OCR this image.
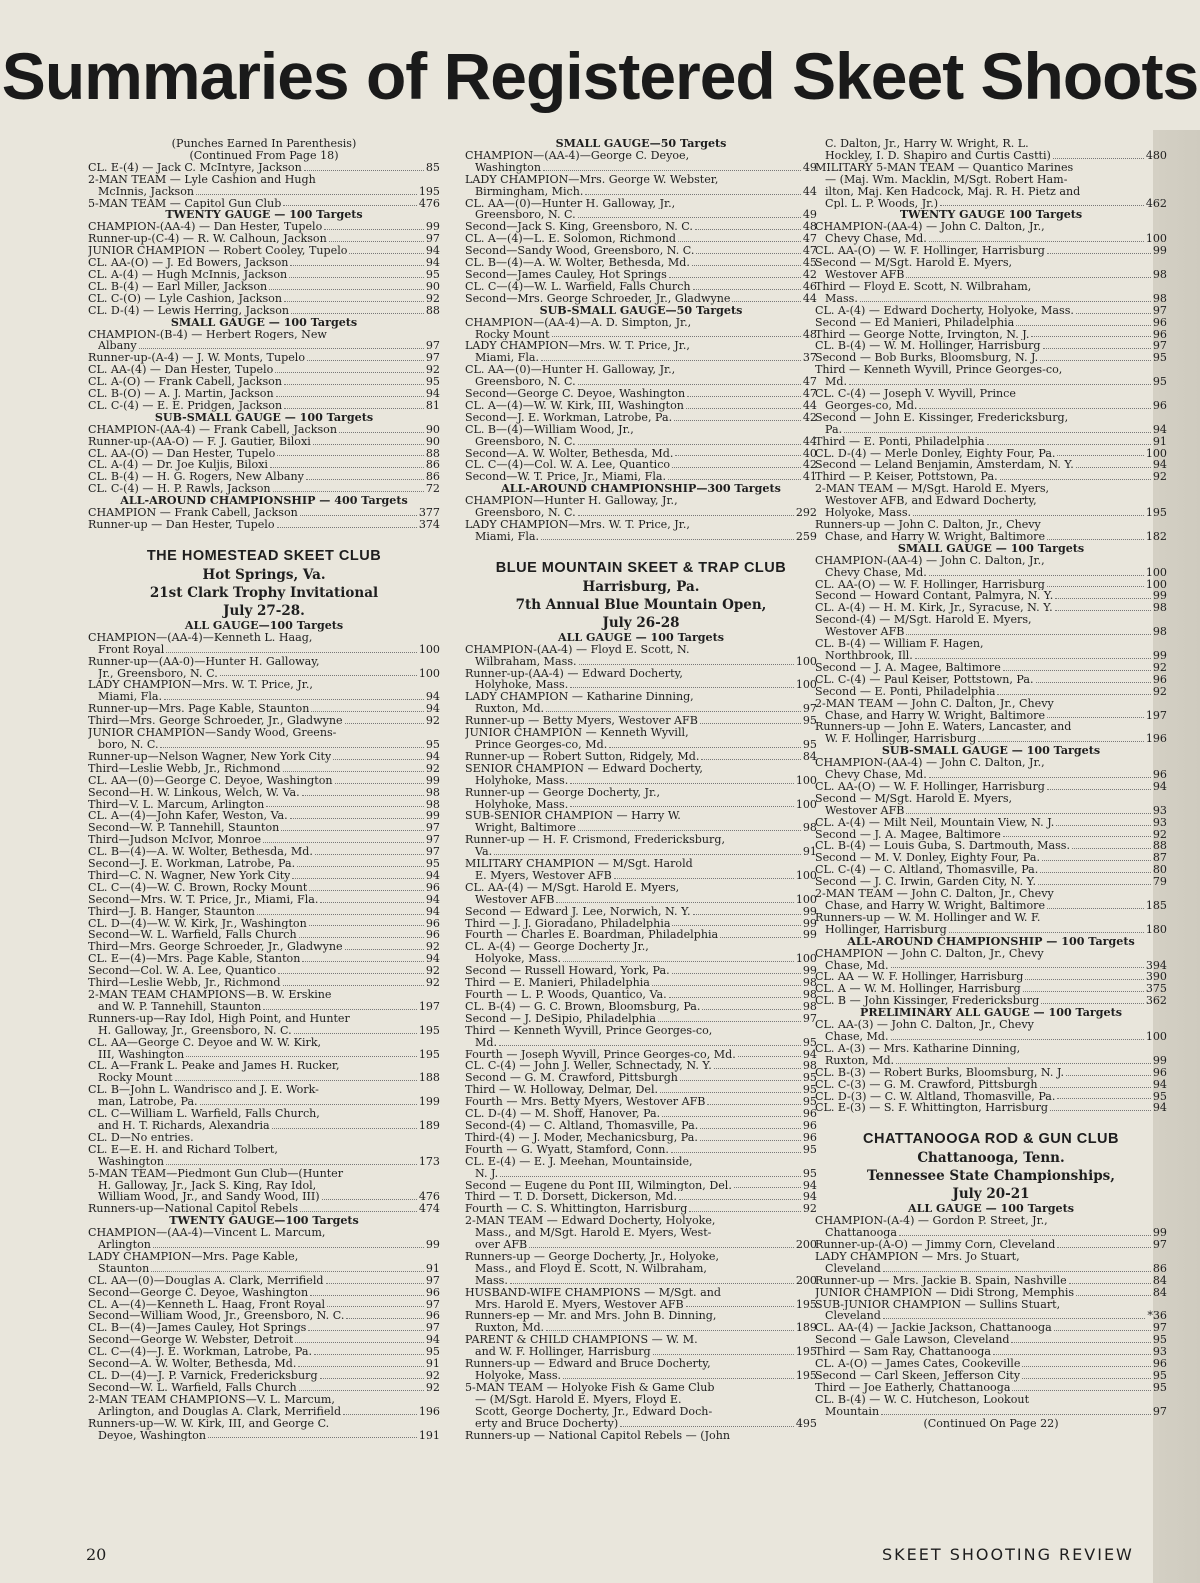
Summaries of Registered Skeet Shoots
(Punches Earned In Parenthesis)
(Continued From Page 18)
CL. E-(4) — Jack C. McIntyre, Jackson	85
2-MAN TEAM — Lyle Cashion and Hugh
McInnis, Jackson	195
5-MAN TEAM — Capitol Gun Club	476
TWENTY GAUGE — 100 Targets
CHAMPION-(AA-4) — Dan Hester, Tupelo	99
Runner-up-(C-4) — R. W. Calhoun, Jackson	97
JUNIOR CHAMPION — Robert Cooley, Tupelo	94
CL. AA-(O) — J. Ed Bowers, Jackson	94
CL. A-(4) — Hugh McInnis, Jackson	95
CL. B-(4) — Earl Miller, Jackson	90
CL. C-(O) — Lyle Cashion, Jackson	92
CL. D-(4) — Lewis Herring, Jackson	88
SMALL GAUGE — 100 Targets
CHAMPION-(B-4) — Herbert Rogers, New
Albany	97
Runner-up-(A-4) — J. W. Monts, Tupelo	97
CL. AA-(4) — Dan Hester, Tupelo	92
CL. A-(O) — Frank Cabell, Jackson	95
CL. B-(O) — A. J. Martin, Jackson	94
CL. C-(4) — E. E. Pridgen, Jackson	81
SUB-SMALL GAUGE — 100 Targets
CHAMPION-(AA-4) — Frank Cabell, Jackson	90
Runner-up-(AA-O) — F. J. Gautier, Biloxi	90
CL. AA-(O) — Dan Hester, Tupelo	88
CL. A-(4) — Dr. Joe Kuljis, Biloxi	86
CL. B-(4) — H. G. Rogers, New Albany	86
CL. C-(4) — H. P. Rawls, Jackson	72
ALL-AROUND CHAMPIONSHIP — 400 Targets
CHAMPION — Frank Cabell, Jackson	377
Runner-up — Dan Hester, Tupelo	374
THE HOMESTEAD SKEET CLUB
Hot Springs, Va.
21st Clark Trophy Invitational
July 27-28.
ALL GAUGE—100 Targets
CHAMPION—(AA-4)—Kenneth L. Haag,
Front Royal	100
Runner-up—(AA-0)—Hunter H. Galloway,
Jr., Greensboro, N. C.	100
LADY CHAMPION—Mrs. W. T. Price, Jr.,
Miami, Fla.	94
Runner-up—Mrs. Page Kable, Staunton	94
Third—Mrs. George Schroeder, Jr., Gladwyne	92
JUNIOR CHAMPION—Sandy Wood, Greens-
boro, N. C.	95
Runner-up—Nelson Wagner, New York City	94
Third—Leslie Webb, Jr., Richmond	92
CL. AA—(0)—George C. Deyoe, Washington	99
Second—H. W. Linkous, Welch, W. Va.	98
Third—V. L. Marcum, Arlington	98
CL. A—(4)—John Kafer, Weston, Va.	99
Second—W. P. Tannehill, Staunton	97
Third—Judson McIvor, Monroe	97
CL. B—(4)—A. W. Wolter, Bethesda, Md.	97
Second—J. E. Workman, Latrobe, Pa.	95
Third—C. N. Wagner, New York City	94
CL. C—(4)—W. C. Brown, Rocky Mount	96
Second—Mrs. W. T. Price, Jr., Miami, Fla.	94
Third—J. B. Hanger, Staunton	94
CL. D—(4)—W. W. Kirk, Jr., Washington	96
Second—W. L. Warfield, Falls Church	96
Third—Mrs. George Schroeder, Jr., Gladwyne	92
CL. E—(4)—Mrs. Page Kable, Stanton	94
Second—Col. W. A. Lee, Quantico	92
Third—Leslie Webb, Jr., Richmond	92
2-MAN TEAM CHAMPIONS—B. W. Erskine
and W. P. Tannehill, Staunton	197
Runners-up—Ray Idol, High Point, and Hunter
H. Galloway, Jr., Greensboro, N. C.	195
CL. AA—George C. Deyoe and W. W. Kirk,
III, Washington	195
CL. A—Frank L. Peake and James H. Rucker,
Rocky Mount	188
CL. B—John L. Wandrisco and J. E. Work-
man, Latrobe, Pa.	199
CL. C—William L. Warfield, Falls Church,
and H. T. Richards, Alexandria	189
CL. D—No entries.
CL. E—E. H. and Richard Tolbert,
Washington	173
5-MAN TEAM—Piedmont Gun Club—(Hunter
H. Galloway, Jr., Jack S. King, Ray Idol,
William Wood, Jr., and Sandy Wood, III)	476
Runners-up—National Capitol Rebels	474
TWENTY GAUGE—100 Targets
CHAMPION—(AA-4)—Vincent L. Marcum,
Arlington	99
LADY CHAMPION—Mrs. Page Kable,
Staunton	91
CL. AA—(0)—Douglas A. Clark, Merrifield	97
Second—George C. Deyoe, Washington	96
CL. A—(4)—Kenneth L. Haag, Front Royal	97
Second—William Wood, Jr., Greensboro, N. C.	96
CL. B—(4)—James Cauley, Hot Springs	97
Second—George W. Webster, Detroit	94
CL. C—(4)—J. E. Workman, Latrobe, Pa.	95
Second—A. W. Wolter, Bethesda, Md.	91
CL. D—(4)—J. P. Varnick, Fredericksburg	92
Second—W. L. Warfield, Falls Church	92
2-MAN TEAM CHAMPIONS—V. L. Marcum,
Arlington, and Douglas A. Clark, Merrifield	196
Runners-up—W. W. Kirk, III, and George C.
Deyoe, Washington	191
SMALL GAUGE—50 Targets
CHAMPION—(AA-4)—George C. Deyoe,
Washington	49
LADY CHAMPION—Mrs. George W. Webster,
Birmingham, Mich.	44
CL. AA—(0)—Hunter H. Galloway, Jr.,
Greensboro, N. C.	49
Second—Jack S. King, Greensboro, N. C.	48
CL. A—(4)—L. E. Solomon, Richmond	47
Second—Sandy Wood, Greensboro, N. C.	47
CL. B—(4)—A. W. Wolter, Bethesda, Md.	45
Second—James Cauley, Hot Springs	42
CL. C—(4)—W. L. Warfield, Falls Church	46
Second—Mrs. George Schroeder, Jr., Gladwyne	44
SUB-SMALL GAUGE—50 Targets
CHAMPION—(AA-4)—A. D. Simpton, Jr.,
Rocky Mount	48
LADY CHAMPION—Mrs. W. T. Price, Jr.,
Miami, Fla.	37
CL. AA—(0)—Hunter H. Galloway, Jr.,
Greensboro, N. C.	47
Second—George C. Deyoe, Washington	47
CL. A—(4)—W. W. Kirk, III, Washington	44
Second—J. E. Workman, Latrobe, Pa.	42
CL. B—(4)—William Wood, Jr.,
Greensboro, N. C.	44
Second—A. W. Wolter, Bethesda, Md.	40
CL. C—(4)—Col. W. A. Lee, Quantico	42
Second—W. T. Price, Jr., Miami, Fla.	41
ALL-AROUND CHAMPIONSHIP—300 Targets
CHAMPION—Hunter H. Galloway, Jr.,
Greensboro, N. C.	292
LADY CHAMPION—Mrs. W. T. Price, Jr.,
Miami, Fla.	259
BLUE MOUNTAIN SKEET & TRAP CLUB
Harrisburg, Pa.
7th Annual Blue Mountain Open,
July 26-28
ALL GAUGE — 100 Targets
CHAMPION-(AA-4) — Floyd E. Scott, N.
Wilbraham, Mass.	100
Runner-up-(AA-4) — Edward Docherty,
Holyhoke, Mass.	100
LADY CHAMPION — Katharine Dinning,
Ruxton, Md.	97
Runner-up — Betty Myers, Westover AFB	95
JUNIOR CHAMPION — Kenneth Wyvill,
Prince Georges-co, Md.	95
Runner-up — Robert Sutton, Ridgely, Md.	84
SENIOR CHAMPION — Edward Docherty,
Holyhoke, Mass.	100
Runner-up — George Docherty, Jr.,
Holyhoke, Mass.	100
SUB-SENIOR CHAMPION — Harry W.
Wright, Baltimore	98
Runner-up — H. F. Crismond, Fredericksburg,
Va.	91
MILITARY CHAMPION — M/Sgt. Harold
E. Myers, Westover AFB	100
CL. AA-(4) — M/Sgt. Harold E. Myers,
Westover AFB	100
Second — Edward J. Lee, Norwich, N. Y.	99
Third — J. J. Gioradano, Philadelphia	99
Fourth — Charles E. Boardman, Philadelphia	99
CL. A-(4) — George Docherty Jr.,
Holyoke, Mass.	100
Second — Russell Howard, York, Pa.	99
Third — E. Manieri, Philadelphia	98
Fourth — L. P. Woods, Quantico, Va.	98
CL. B-(4) — G. C. Brown, Bloomsburg, Pa.	98
Second — J. DeSipio, Philadelphia	97
Third — Kenneth Wyvill, Prince Georges-co,
Md.	95
Fourth — Joseph Wyvill, Prince Georges-co, Md.	94
CL. C-(4) — John J. Weller, Schnectady, N. Y.	98
Second — G. M. Crawford, Pittsburgh	95
Third — W. Holloway, Delmar, Del.	95
Fourth — Mrs. Betty Myers, Westover AFB	95
CL. D-(4) — M. Shoff, Hanover, Pa.	96
Second-(4) — C. Altland, Thomasville, Pa.	96
Third-(4) — J. Moder, Mechanicsburg, Pa.	96
Fourth — G. Wyatt, Stamford, Conn.	95
CL. E-(4) — E. J. Meehan, Mountainside,
N. J.	95
Second — Eugene du Pont III, Wilmington, Del.	94
Third — T. D. Dorsett, Dickerson, Md.	94
Fourth — C. S. Whittington, Harrisburg	92
2-MAN TEAM — Edward Docherty, Holyoke,
Mass., and M/Sgt. Harold E. Myers, West-
over AFB	200
Runners-up — George Docherty, Jr., Holyoke,
Mass., and Floyd E. Scott, N. Wilbraham,
Mass.	200
HUSBAND-WIFE CHAMPIONS — M/Sgt. and
Mrs. Harold E. Myers, Westover AFB	195
Runners-ep — Mr. and Mrs. John B. Dinning,
Ruxton, Md.	189
PARENT & CHILD CHAMPIONS — W. M.
and W. F. Hollinger, Harrisburg	195
Runners-up — Edward and Bruce Docherty,
Holyoke, Mass.	195
5-MAN TEAM — Holyoke Fish & Game Club
— (M/Sgt. Harold E. Myers, Floyd E.
Scott, George Docherty, Jr., Edward Doch-
erty and Bruce Docherty)	495
Runners-up — National Capitol Rebels — (John
C. Dalton, Jr., Harry W. Wright, R. L.
Hockley, I. D. Shapiro and Curtis Castti)	480
MILITARY 5-MAN TEAM — Quantico Marines
— (Maj. Wm. Macklin, M/Sgt. Robert Ham-
ilton, Maj. Ken Hadcock, Maj. R. H. Pietz and
Cpl. L. P. Woods, Jr.)	462
TWENTY GAUGE 100 Targets
CHAMPION-(AA-4) — John C. Dalton, Jr.,
Chevy Chase, Md.	100
CL. AA-(O) — W. F. Hollinger, Harrisburg	99
Second — M/Sgt. Harold E. Myers,
Westover AFB	98
Third — Floyd E. Scott, N. Wilbraham,
Mass.	98
CL. A-(4) — Edward Docherty, Holyoke, Mass.	97
Second — Ed Manieri, Philadelphia	96
Third — George Notte, Irvington, N. J.	96
CL. B-(4) — W. M. Hollinger, Harrisburg	97
Second — Bob Burks, Bloomsburg, N. J.	95
Third — Kenneth Wyvill, Prince Georges-co,
Md.	95
CL. C-(4) — Joseph V. Wyvill, Prince
Georges-co, Md.	96
Second — John E. Kissinger, Fredericksburg,
Pa.	94
Third — E. Ponti, Philadelphia	91
CL. D-(4) — Merle Donley, Eighty Four, Pa.	100
Second — Leland Benjamin, Amsterdam, N. Y.	94
Third — P. Keiser, Pottstown, Pa.	92
2-MAN TEAM — M/Sgt. Harold E. Myers,
Westover AFB, and Edward Docherty,
Holyoke, Mass.	195
Runners-up — John C. Dalton, Jr., Chevy
Chase, and Harry W. Wright, Baltimore	182
SMALL GAUGE — 100 Targets
CHAMPION-(AA-4) — John C. Dalton, Jr.,
Chevy Chase, Md.	100
CL. AA-(O) — W. F. Hollinger, Harrisburg	100
Second — Howard Contant, Palmyra, N. Y.	99
CL. A-(4) — H. M. Kirk, Jr., Syracuse, N. Y.	98
Second-(4) — M/Sgt. Harold E. Myers,
Westover AFB	98
CL. B-(4) — William F. Hagen,
Northbrook, Ill.	99
Second — J. A. Magee, Baltimore	92
CL. C-(4) — Paul Keiser, Pottstown, Pa.	96
Second — E. Ponti, Philadelphia	92
2-MAN TEAM — John C. Dalton, Jr., Chevy
Chase, and Harry W. Wright, Baltimore	197
Runners-up — John E. Waters, Lancaster, and
W. F. Hollinger, Harrisburg	196
SUB-SMALL GAUGE — 100 Targets
CHAMPION-(AA-4) — John C. Dalton, Jr.,
Chevy Chase, Md.	96
CL. AA-(O) — W. F. Hollinger, Harrisburg	94
Second — M/Sgt. Harold E. Myers,
Westover AFB	93
CL. A-(4) — Milt Neil, Mountain View, N. J.	93
Second — J. A. Magee, Baltimore	92
CL. B-(4) — Louis Guba, S. Dartmouth, Mass.	88
Second — M. V. Donley, Eighty Four, Pa.	87
CL. C-(4) — C. Altland, Thomasville, Pa.	80
Second — J. C. Irwin, Garden City, N. Y.	79
2-MAN TEAM — John C. Dalton, Jr., Chevy
Chase, and Harry W. Wright, Baltimore	185
Runners-up — W. M. Hollinger and W. F.
Hollinger, Harrisburg	180
ALL-AROUND CHAMPIONSHIP — 100 Targets
CHAMPION — John C. Dalton, Jr., Chevy
Chase, Md.	394
CL. AA — W. F. Hollinger, Harrisburg	390
CL. A — W. M. Hollinger, Harrisburg	375
CL. B — John Kissinger, Fredericksburg	362
PRELIMINARY ALL GAUGE — 100 Targets
CL. AA-(3) — John C. Dalton, Jr., Chevy
Chase, Md.	100
CL. A-(3) — Mrs. Katharine Dinning,
Ruxton, Md.	99
CL. B-(3) — Robert Burks, Bloomsburg, N. J.	96
CL. C-(3) — G. M. Crawford, Pittsburgh	94
CL. D-(3) — C. W. Altland, Thomasville, Pa.	95
CL. E-(3) — S. F. Whittington, Harrisburg	94
CHATTANOOGA ROD & GUN CLUB
Chattanooga, Tenn.
Tennessee State Championships,
July 20-21
ALL GAUGE — 100 Targets
CHAMPION-(A-4) — Gordon P. Street, Jr.,
Chattanooga	99
Runner-up-(A-O) — Jimmy Corn, Cleveland	97
LADY CHAMPION — Mrs. Jo Stuart,
Cleveland	86
Runner-up — Mrs. Jackie B. Spain, Nashville	84
JUNIOR CHAMPION — Didi Strong, Memphis	84
SUB-JUNIOR CHAMPION — Sullins Stuart,
Cleveland	*36
CL. AA-(4) — Jackie Jackson, Chattanooga	97
Second — Gale Lawson, Cleveland	95
Third — Sam Ray, Chattanooga	93
CL. A-(O) — James Cates, Cookeville	96
Second — Carl Skeen, Jefferson City	95
Third — Joe Eatherly, Chattanooga	95
CL. B-(4) — W. C. Hutcheson, Lookout
Mountain	97
(Continued On Page 22)
20	SKEET SHOOTING REVIEW
